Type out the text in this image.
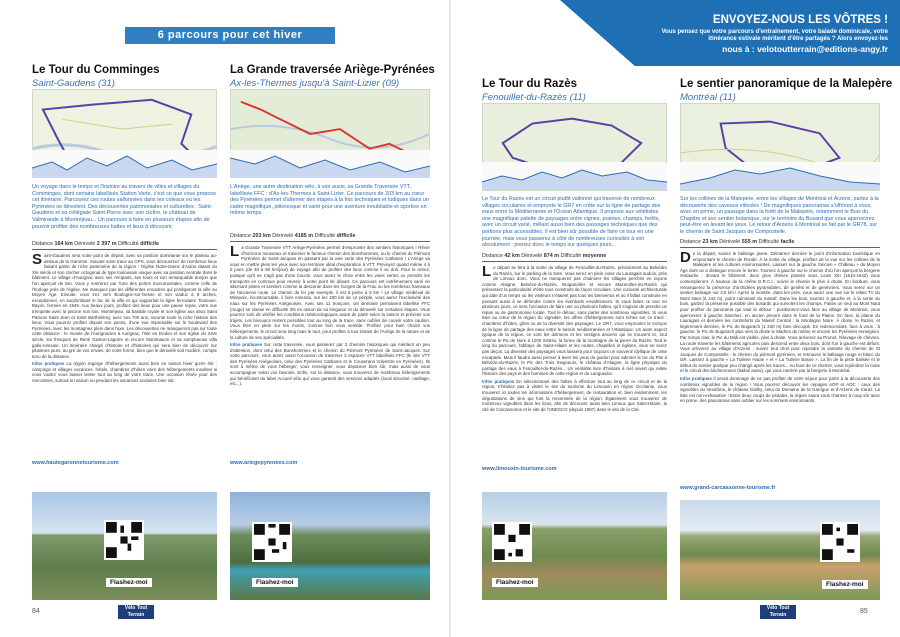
6 parcours pour cet hiver
ENVOYEZ-NOUS LES VÔTRES !
Vous pensez que votre parcours d'entraînement, votre balade dominicale, votre itinérance estivale méritent d'être partagés ? Alors envoyez-les
nous à : velotoutterrain@editions-angy.fr
Le Tour du Comminges
Saint-Gaudens (31)
Un voyage dans le temps et l'histoire au travers de villes et villages du Comminges, dont certains labellisés Station Verte, c'est ce que vous propose cet itinéraire. Parcourez ces routes vallonnées dans les coteaux où les Pyrénées se dévoilent. Des découvertes patrimoniales et culturelles : Saint-Gaudens et sa collégiale Saint-Pierre avec son cloître, le château de Valmirande à Montréjeau... Un parcours à faire en plusieurs étapes afin de pouvoir profiter des nombreuses haltes et lieux à découvrir.
Distance 164 km Dénivelé 2 397 m Difficulté difficile
Saint-Gaudens sera votre point de départ, avec sa position dominante sur le plateau au-dessus de la Garonne. Suivant votre trace au GPS, vous découvrirez de nombreux lieux faisant partie de riche patrimoine de la région : l'église Notre-Dame d'Aulon datant du XIe siècle et son clocher octogonal de type toulousain unique avec sa position centrale dans le bâtiment. Le village d'Aurignac avec ses remparts, ses tours et son remarquable donjon que l'on aperçoit de loin. Vous y rentrerez par l'une des portes monumentales, comme celle de l'horloge près de l'église. Ne manquez pas les différentes encadres qui protègeront la ville au Moyen Âge. Ensuite, vous irez vers Boulogne-sur-Gesse et son viaduc à 8 arches, exceptionnel, en surplombant le lac de la ville et qui supportait la ligne ferroviaire Toulouse-Bayon, fermée en 1949. Aux beaux jours, profitez des lieux pour une pause repas, votre vue trempette avec la piscine non loin. Montréjeau, sa bastide royale et son église aux deux Saint Patrons Saint Jean et Saint Barthélémy, avec ses 700 ans, raconte toute la riche histoire des lieux. Vous pourrez profiter depuis son parvis, d'une vue imprenable sur le boulevard des Pyrénées, avec les montagnes plein dans l'axe. Les découvertes ne manqueront pas sur toute cette distance : le musée de l'Aurignacien à Aurignac, l'Isle en Dodon et son église du XIVe siècle, les fresques de René Gaston-Lagorre et encore Montmaurin et sa somptueuse villa gallo-romaine. Un itinéraire chargé d'histoire et d'histoires qui sera bien de découvrir sur plusieurs jours, au gré de vos envies, de votre forme, bien que le dénivelé soit modéré, compte tenu de la distance.
Infos pratiques La région regorge d'hébergements aussi bien en saison hiver qu'en été : campings et villages vacances, hôtels, chambres d'hôtes voire des hébergements insolites si vous voulez vous laisser tenter tout au long de votre trace. Une occasion rêvée pour des rencontres, surtout en saison ou pendant les vacances scolaires bien sûr.
www.hautegaronnetourisme.com
Flashez-moi
La Grande traversée Ariège-Pyrénées
Ax-les-Thermes jusqu'à Saint-Lizier (09)
L'Ariège, une autre destination vélo, à voir aussi, sa Grande Traversée VTT, labellisée FFC : d'Ax-les-Thermes à Saint-Lizier. Ce parcours de 203 km au cœur des Pyrénées permet d'alterner des étapes à la fois techniques et ludiques dans un cadre magnifique, pittoresque et varié pour une aventure inoubliable et sportive en même temps.
Distance 203 km Dénivelé 4185 m Difficulté difficile
La Grande Traversée VTT Ariège-Pyrénées permet d'emprunter des sentiers historiques ! Rêver d'horizons nouveaux et traverser le fameux chemin des Bonshommes, ou le chemin du Piémont Pyrénéen de Saint-Jacques en passant par la voie verte des Pyrénées Cathares ! L'Ariège va vous en mettre plein les yeux avec son territoire idéal d'exploration à VTT. Prévoyez quand même 4 à 5 jours (de 40 à 60 km/jour) de voyage afin de profiter des lieux comme il se doit. Pour le retour, puisque qu'il ne s'agit pas d'une boucle, vous aurez le choix entre les voies vertes ou prendre les transports en commun pour revenir à votre point de départ. Ce parcours est extrêmement varié en alternant pistes et sentiers comme la descente dans les Gorges de la Frau ou les nombreux hameaux de l'ancienne route. Le chemin de fer par exemple, il est à peine à 5 km ! Le village médiéval de Mirepoix, incontournable, il bien entendu, sur les 200 km de ce périple, vous aurez l'exclusivité des eaux sur les Pyrénées Ariégeoises. Avec ses 11 tronçons, cet itinéraire permanent labellisé FFC (rouge) se classe en difficulté 3/5 en raison de sa longueur et du dénivelé sur certaines étapes. Vous pourrez soin de vérifier les conditions météorologiques avant de partir selon la saison et prévenir vos trajets. Les bivouacs restent possibles tout au long de la trace, sans oublier de couvrir votre caution. Vous êtes en plein sur les monts, comme bon vous semble. Profitez pour bien choisir vos hébergements, le circuit sera long mais le tout, pour profiter à tout instant de l'Ariège de la nature et de la culture de ses spécialités.
Infos pratiques Sur cette traversée, vous passerez par 3 chemins historiques qui méritent un peu d'attention, dont celui des Bonshommes et le chemin du Piémont Pyrénéen de Saint-Jacques. Sur votre parcours, vous aurez aussi l'occasion de traverser 3 espaces VTT labellisés FFC (le site VTT des Pyrénées Ariégeoises, celui des Pyrénées Cathares et le Couserans Volvestre en Pyrénées). Ils sont à même de vous héberger, vous renseigner, vous dépanner bien sûr, mais aussi de vous accompagner selon vos besoins. Enfin, sur la distance, vous trouverez de nombreux hébergements qui bénéficient du label Accueil vélo qui vous garantit des services adaptés (local sécurisé, outillage, etc...).
www.ariegepyrenees.com
Flashez-moi
84	Vélo Tout Terrain
Le Tour du Razès
Fenouillet-du-Razès (11)
Le Tour du Razès est un circuit plutôt vallonné qui traverse de nombreux villages circulaires et emprunte le GR7 en crête sur la ligne de partage des eaux entre la Méditerranée et l'Océan Atlantique. Il propose aux vététistes une magnifique palette de paysages entre vignes, prairies, champs, forêts, avec un circuit varié, mêlant aussi bien des passages techniques que des portions plus accessibles. Il est bien sûr possible de faire ce tour en une journée, mais vous passerez à côté de nombreuses curiosités à voir absolument : prenez donc le temps sur quelques jours...
Distance 42 km Dénivelé 874 m Difficulté moyenne
Le départ se fera à la sortie du village de Fenouillet-du-Razès, précisément au Belvèdre du Razès, sur le parking de la Sam. Vous serez en plein cœur du Lauragais audois, près de Limoux donc. Vous ne manquerez pas d'admirer les villages perchés en rayons comme Alaigne, Belvèze-du-Razès, Brugairolles et encore Mazerolles-du-Razès qui présentent la particularité d'être tous construits de façon circulaire. Une curiosité architecturale qui date d'un temps où les visiteurs n'étaient pas tous les bienvenus et où il fallait construire en pensant aussi à se défendre contre les éventuels envahisseurs. Si vous faites ce tour en plusieurs jours, ce sera l'occasion de faire une ou plusieurs haltes, qu'il s'agisse de prendre un repas ou de gastronomie locale. Tout le détour, sans parler des nombreux vignobles. Si vous êtes au cœur de la région du vignoble, les offres d'hébergement sont riches sur ce tracé : chambres d'hôtes, gîtes ou de la diversité des paysages. Le GR7, vous empruntez le tronçon de la ligne de partage des eaux entre le bassin méditerranéen et l'Atlantique. Un autre aspect typique de la région, ce sont les dolmens et les vestiges anciens qui se trouvent ici, tout comme le Pic de Nore à 1200 mètres, la forme de la montagne de la pierre du Razès. Tout le long du parcours, l'abbaye de Saint-Hilaire et les routes, chapelles et églises, vous ne serez pas déçus. La diversité des paysages vous laissera pour toujours un souvenir idyllique de cette escapade. Mais il faudra aussi penser à lever les yeux du guidon pour admirer le lac du Pite à Belvèze-du-Razès, le Pic des Trois Seigneurs, le château d'Alaigne, la ligne physique du partage des eaux à Fenouillet-du-Razès... Un véritable livre d'histoire à ciel ouvert qui relate l'histoire des pays et des hommes de cette région et du Languedoc.
Infos pratiques En sélectionnant des haltes à effectuer tout au long de ce circuit et de la région, n'hésitez pas à visiter le site du tourisme du Limouxin en région Occitanie, vous trouverez ici toutes les informations d'hébergement, de restauration et, bien évidemment, les dégustations de vins qui font la renommée de la région. Également vous trouverez de nombreux vignobles dans les lieux, afin de découvrir aussi bien Limoux que Saint-Hilaire, la cité de Carcassonne et le site de l'UNESCO (depuis 1997) dans le site de la Cité.
www.limouxin-tourisme.com
Flashez-moi
Le sentier panoramique de la Malepère
Montréal (11)
Sur les collines de la Malepère, entre les villages de Montréal et Arzens, partez à la découverte des caveaux viticoles ! De magnifiques panoramas s'offriront à vous, avec en prime, un passage dans la forêt de la Malepère, notamment le Bois du Chapitre et son sentier botanique, sur le territoire du Busard que vous apercevrez peut-être en levant les yeux. Le retour d'Arzens à Montréal se fait par le GR78, sur le chemin de Saint Jacques de Compostelle.
Distance 23 km Dénivelé 555 m Difficulté facile
De la départ, suivez le balisage jaune. Démarrez derrière le point d'information touristique en empruntant le chemin de Ronde. À la sortie du village, profitez de la vue sur les collines de la Malepère et les cultures environnantes. Laissez sur la gauche l'ancien « Château » du Moyen Âge dont on a distingue encore le tertre. Tournez à gauche sur le chemin d'où l'on aperçoit la bergerie restaurée : devant le bâtiment, deux gros chênes plantés sous Louis XIII (1610-1643) vous contempleront. À hauteur de la chêne D.R.C.I., suivre le chemin le plus à droite. En bordure, vous remarquerez la présence d'orchidées pyramidales, de genêts et de genévriers. Vous serez sur un sentier balisage sur 3,5 km ! Après la montée, dans les prés, vous aurez une vue sur le relais TV du Mont Naut (à 442 m), point culminant du massif. Dans les bois, tournez à gauche et, à la sortie du bois, gardez la présence possible des busards qui survolent les champs. Faites un seul au Mont Naut pour profiter du panorama qui vaut le détour : positionnez-vous face au village de Montréal, vous apercevrez à gauche Sanchez, en ancien prieuré dans le fond de la Plaine. En face, la plaine du Lauragais et dernière les contreforts du Massif Central : la Montagne Noire. À droite, le Razès, et légèrement derrière, le Pic de Bugarach (1 230 m) bien découpé. En redescendant, face à vous : à gauche, le Pic de Bugarach plus vers la droite le Madres de même et encore les Pyrénées enneigées. Par temps clair, le Pic du Midi est visible, plus à droite. Vous arriverez au Prunet, l'élevage de chèvres. La route traverse les bâtiments agricoles puis descend entre deux bois, dont l'un à gauche est défunt. Vous arriverez au village d'Arzens ; suivez tout droit pour rejoindre la variante du chemin de St Jacques de Compostelle : le chemin du piémont pyrénéen, et retrouvez le balisage rouge et blanc du GR. Laissez à gauche « La Tuilerie Haute » et « La Tuilerie Basse ». La fin de la piste balisée et le début du sentier quelque peu changé après les traces... Au bout de ce chemin, vous rejoindrez la route et le circuit des bûcheronnes (balisé aussi), qui vous ramène par la bergerie à Montréal.
Infos pratiques Il serait dommage de ne pas profiter de votre séjour pour partir à la découverte des nombreux vignobles de la région ! Vous pourrez découvrir les cépages AOP et AOC : ceux des vignobles du Vendôme, le château Gailhy, celui du Domaine de la Garrigue et d'Arzens de Caraz. La liste est non-exhaustive ! Entre deux coups de pédales, la région saura vous charmer à coup sûr avec en prime, des panoramas sans oublier sur les sommets environnants.
www.grand-carcassonne-tourisme.fr
Flashez-moi
85
Vélo Tout Terrain
